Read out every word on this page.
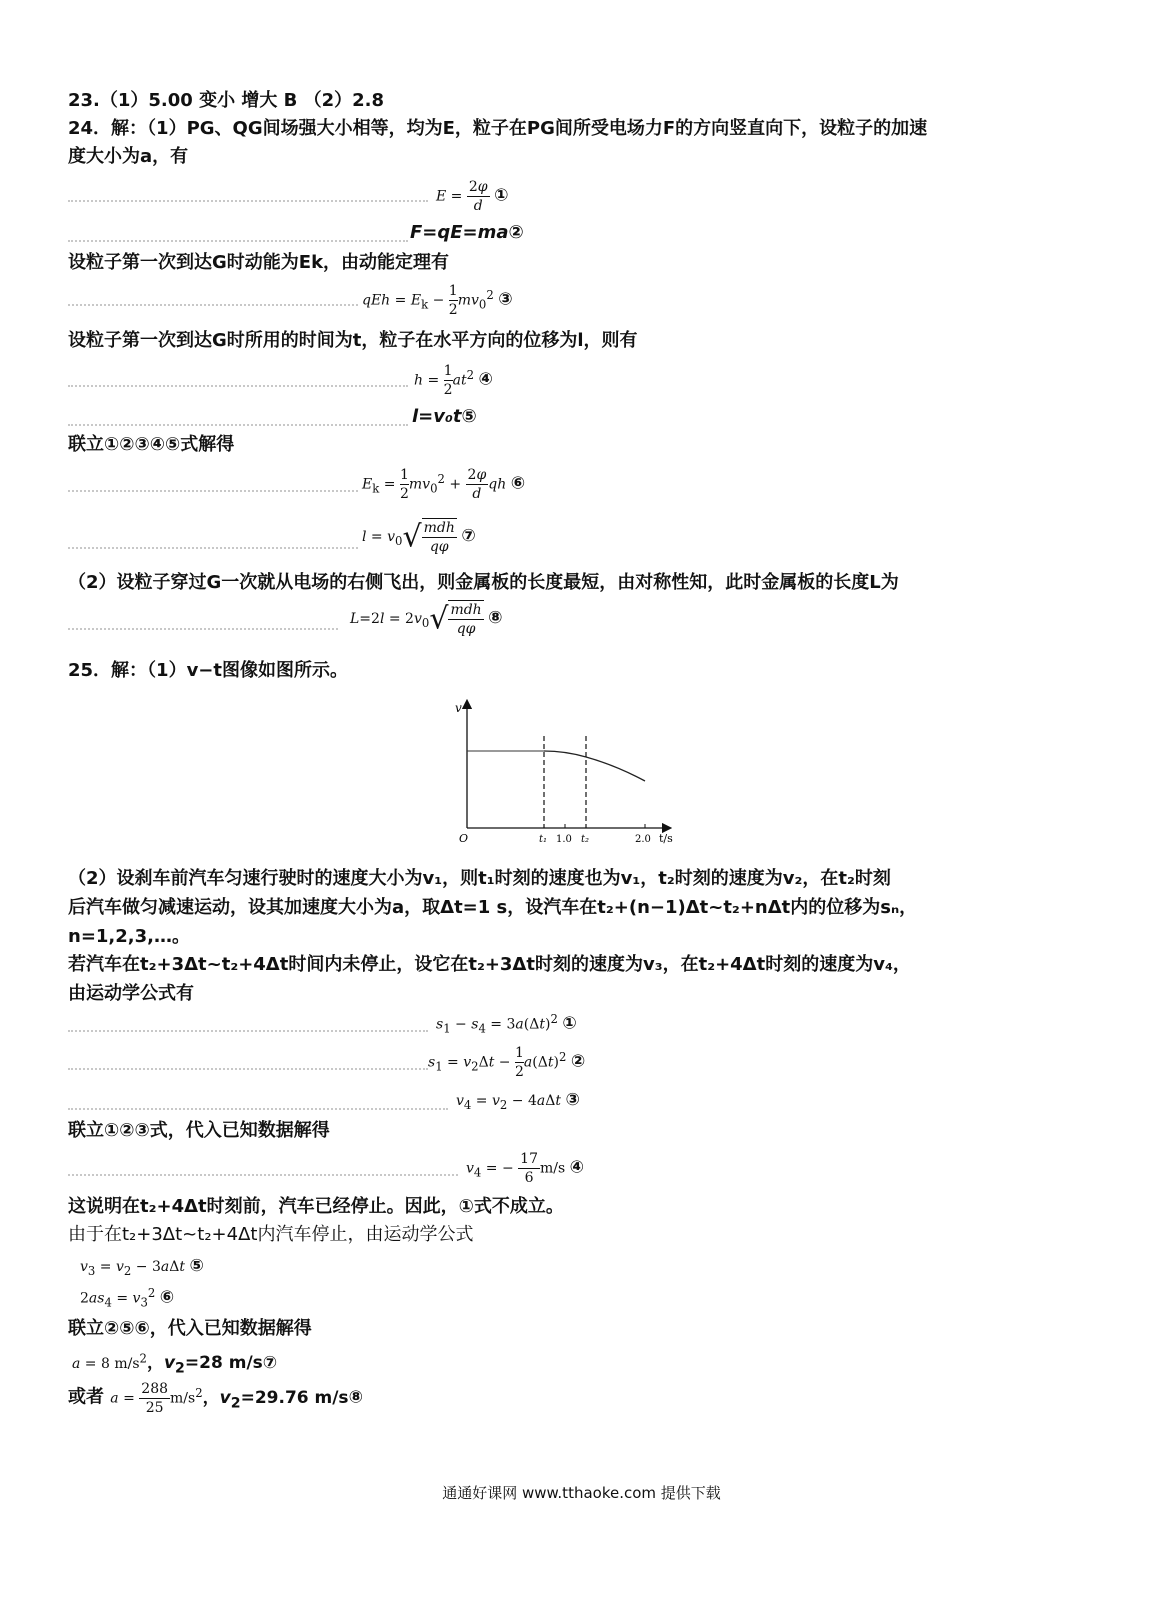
23.（1）5.00 变小 增大 B （2）2.8
24．解：（1）PG、QG间场强大小相等，均为E，粒子在PG间所受电场力F的方向竖直向下，设粒子的加速
度大小为a，有
$E = \frac{2\varphi}{d}$ ①
F=qE=ma②
设粒子第一次到达G时动能为Ek，由动能定理有
qEh = $E_k - \frac{1}{2} mv_0^2$ ③
设粒子第一次到达G时所用的时间为t，粒子在水平方向的位移为l，则有
$h = \frac{1}{2} at^2$ ④
l=v₀t⑤
联立①②③④⑤式解得
$E_k = \frac{1}{2} mv_0^2 + \frac{2\varphi}{d}$ qh ⑥
$l = v_0√$ mdh
qφ
⑦
（2）设粒子穿过G一次就从电场的右侧飞出，则金属板的长度最短，由对称性知，此时金属板的长度L为
$L=2l = 2v_0√$ mdh
qφ
⑧
25．解：（1）v−t图像如图所示。
v
O	t/s
t₁ 1.0 t₂	2.0
（2）设刹车前汽车匀速行驶时的速度大小为v₁，则t₁时刻的速度也为v₁，t₂时刻的速度为v₂，在t₂时刻
后汽车做匀减速运动，设其加速度大小为a，取Δt=1 s，设汽车在t₂+(n−1)Δt~t₂+nΔt内的位移为sₙ，
n=1,2,3,…。
若汽车在t₂+3Δt~t₂+4Δt时间内未停止，设它在t₂+3Δt时刻的速度为v₃，在t₂+4Δt时刻的速度为v₄，
由运动学公式有
$s_1 - s_4 = 3a(\Delta t)^2$ ①
$s_1 = v_2\Delta t - \frac{1}{2} a(\Delta t)^2$ ②
$v_4 = v_2 - 4a\Delta t$ ③
联立①②③式，代入已知数据解得
$v_4$ = − $\frac{17}{6} m/s$ ④
这说明在t₂+4Δt时刻前，汽车已经停止。因此，①式不成立。
由于在t₂+3Δt~t₂+4Δt内汽车停止，由运动学公式
$v_3 = v_2 - 3a\Delta t$ ⑤
$2as_4 = v_3^2$ ⑥
联立②⑤⑥，代入已知数据解得
a = 8 $m/s^2$，$v_2=28$ m/s⑦
或者 $a = \frac{288}{25} m/s^2$，$v_2=29.76$ m/s⑧
通通好课网 www.tthaoke.com 提供下载
